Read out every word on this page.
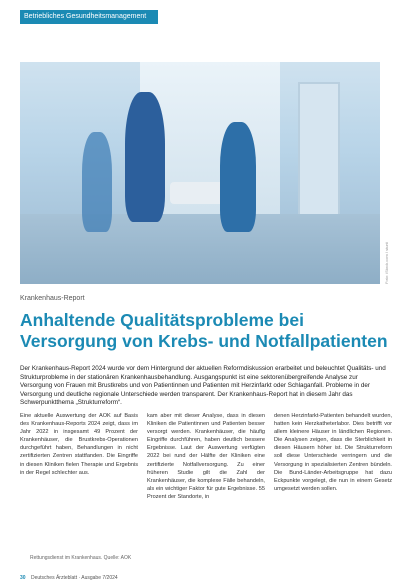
Betriebliches Gesundheitsmanagement
Foto: iStock.com / sturti
Krankenhaus-Report
Anhaltende Qualitätsprobleme bei Versorgung von Krebs- und Notfallpatienten

Der Krankenhaus-Report 2024 wurde vor dem Hintergrund der aktuellen Reformdiskussion erarbeitet und beleuchtet Qualitäts- und Strukturprobleme in der stationären Krankenhausbehandlung. Ausgangspunkt ist eine sektorenübergreifende Analyse zur Versorgung von Frauen mit Brustkrebs und von Patientinnen und Patienten mit Herzinfarkt oder Schlaganfall. Probleme in der Versorgung und deutliche regionale Unterschiede werden transparent. Der Krankenhaus-Report hat in diesem Jahr das Schwerpunktthema „Strukturreform“.

Eine aktuelle Auswertung der AOK auf Basis des Krankenhaus-Reports 2024 zeigt, dass im Jahr 2022 in insgesamt 49 Prozent der Krankenhäuser, die Brustkrebs-Operationen durchgeführt haben, Behandlungen in nicht zertifizierten Zentren stattfanden. Die Eingriffe in diesen Kliniken fielen Therapie und Ergebnis in der Regel schlechter aus.

kam aber mit dieser Analyse, dass in diesen Kliniken die Patientinnen und Patienten besser versorgt werden. Krankenhäuser, die häufig Eingriffe durchführen, haben deutlich bessere Ergebnisse. Laut der Auswertung verfügten 2022 bei rund der Hälfte der Kliniken eine zertifizierte Notfallversorgung. Zu einer früheren Studie gilt die Zahl der Krankenhäuser, die komplexe Fälle behandeln, als ein wichtiger Faktor für gute Ergebnisse. 55 Prozent der Standorte, in

denen Herzinfarkt-Patienten behandelt wurden, hatten kein Herzkatheterlabor. Dies betrifft vor allem kleinere Häuser in ländlichen Regionen. Die Analysen zeigen, dass die Sterblichkeit in diesen Häusern höher ist. Die Strukturreform soll diese Unterschiede verringern und die Versorgung in spezialisierten Zentren bündeln. Die Bund-Länder-Arbeitsgruppe hat dazu Eckpunkte vorgelegt, die nun in einem Gesetz umgesetzt werden sollen.

Rettungsdienst im Krankenhaus. Quelle: AOK
30 Deutsches Ärzteblatt · Ausgabe 7/2024
